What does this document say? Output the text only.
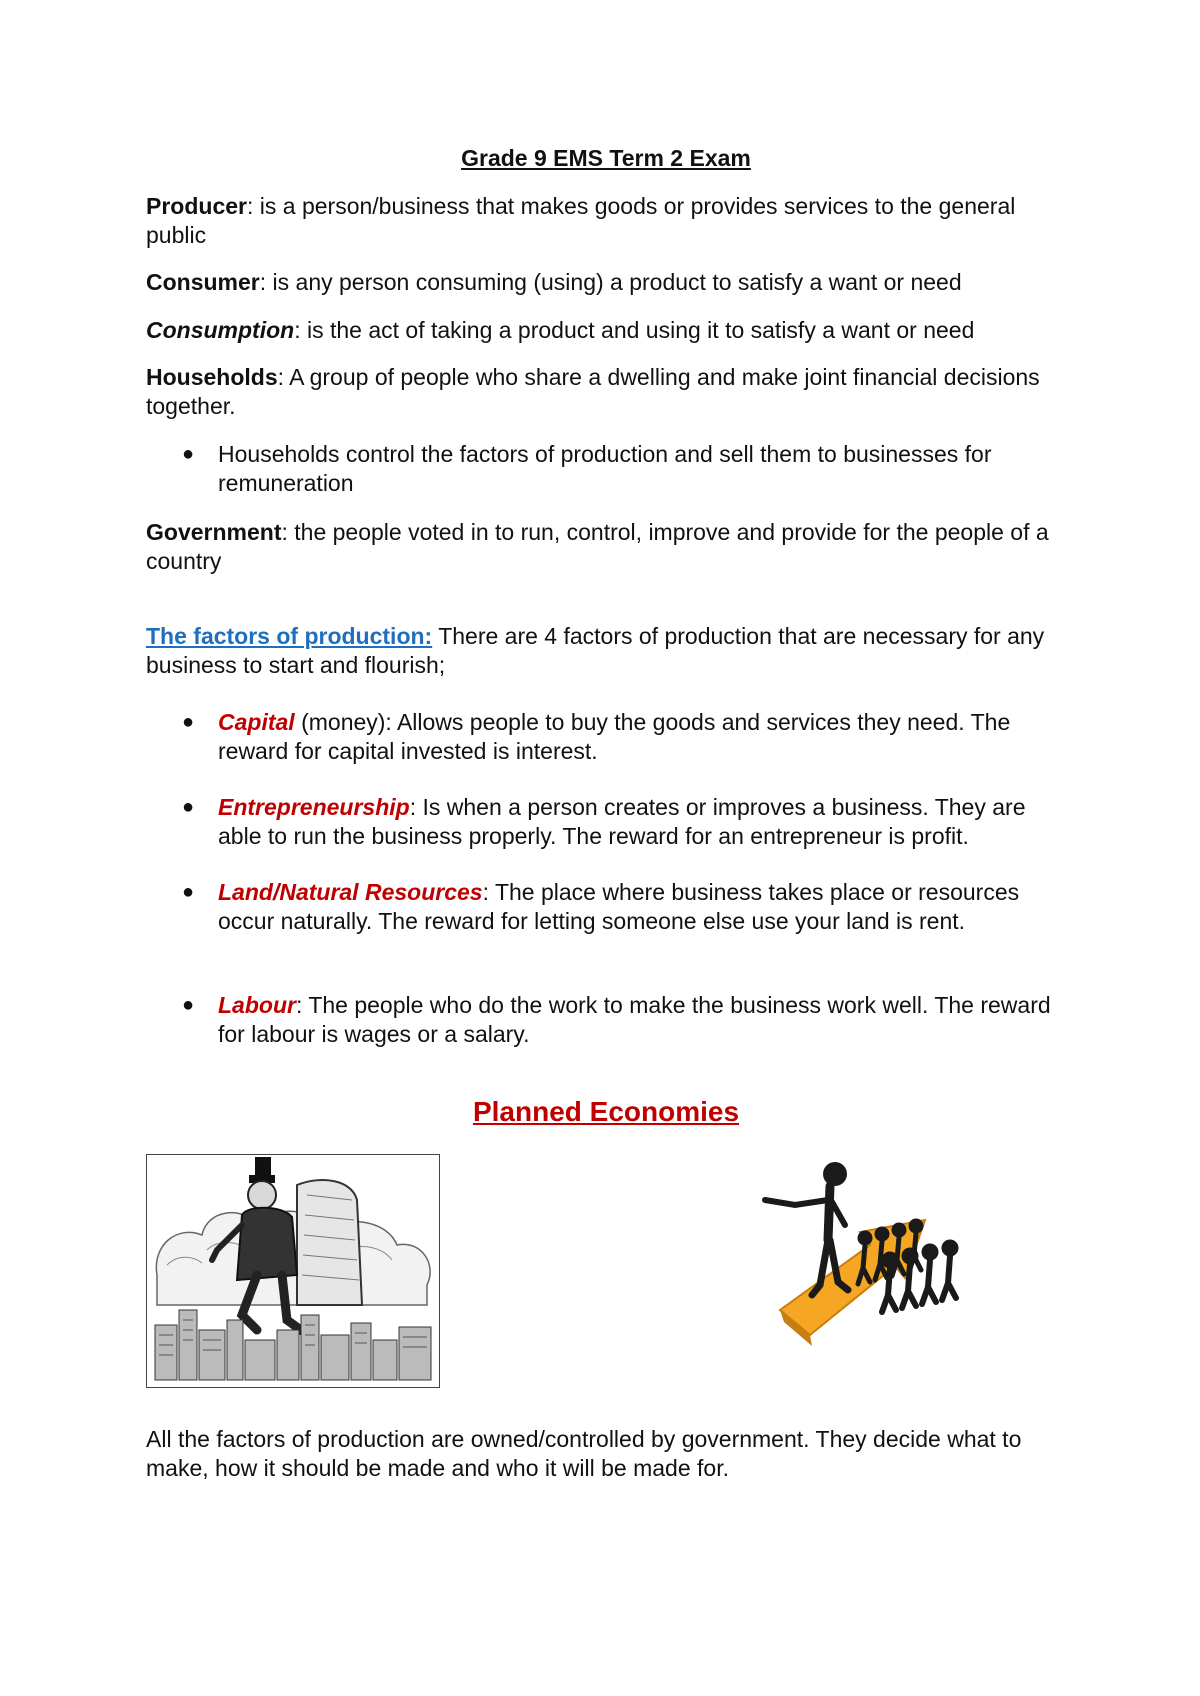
Grade 9 EMS Term 2 Exam

Producer: is a person/business that makes goods or provides services to the general public

Consumer: is any person consuming (using) a product to satisfy a want or need

Consumption: is the act of taking a product and using it to satisfy a want or need

Households: A group of people who share a dwelling and make joint financial decisions together.

● Households control the factors of production and sell them to businesses for remuneration

Government: the people voted in to run, control, improve and provide for the people of a country

The factors of production: There are 4 factors of production that are necessary for any business to start and flourish;

● Capital (money): Allows people to buy the goods and services they need. The reward for capital invested is interest.
● Entrepreneurship: Is when a person creates or improves a business. They are able to run the business properly. The reward for an entrepreneur is profit.
● Land/Natural Resources: The place where business takes place or resources occur naturally. The reward for letting someone else use your land is rent.
● Labour: The people who do the work to make the business work well. The reward for labour is wages or a salary.
Planned Economies

All the factors of production are owned/controlled by government. They decide what to make, how it should be made and who it will be made for.
